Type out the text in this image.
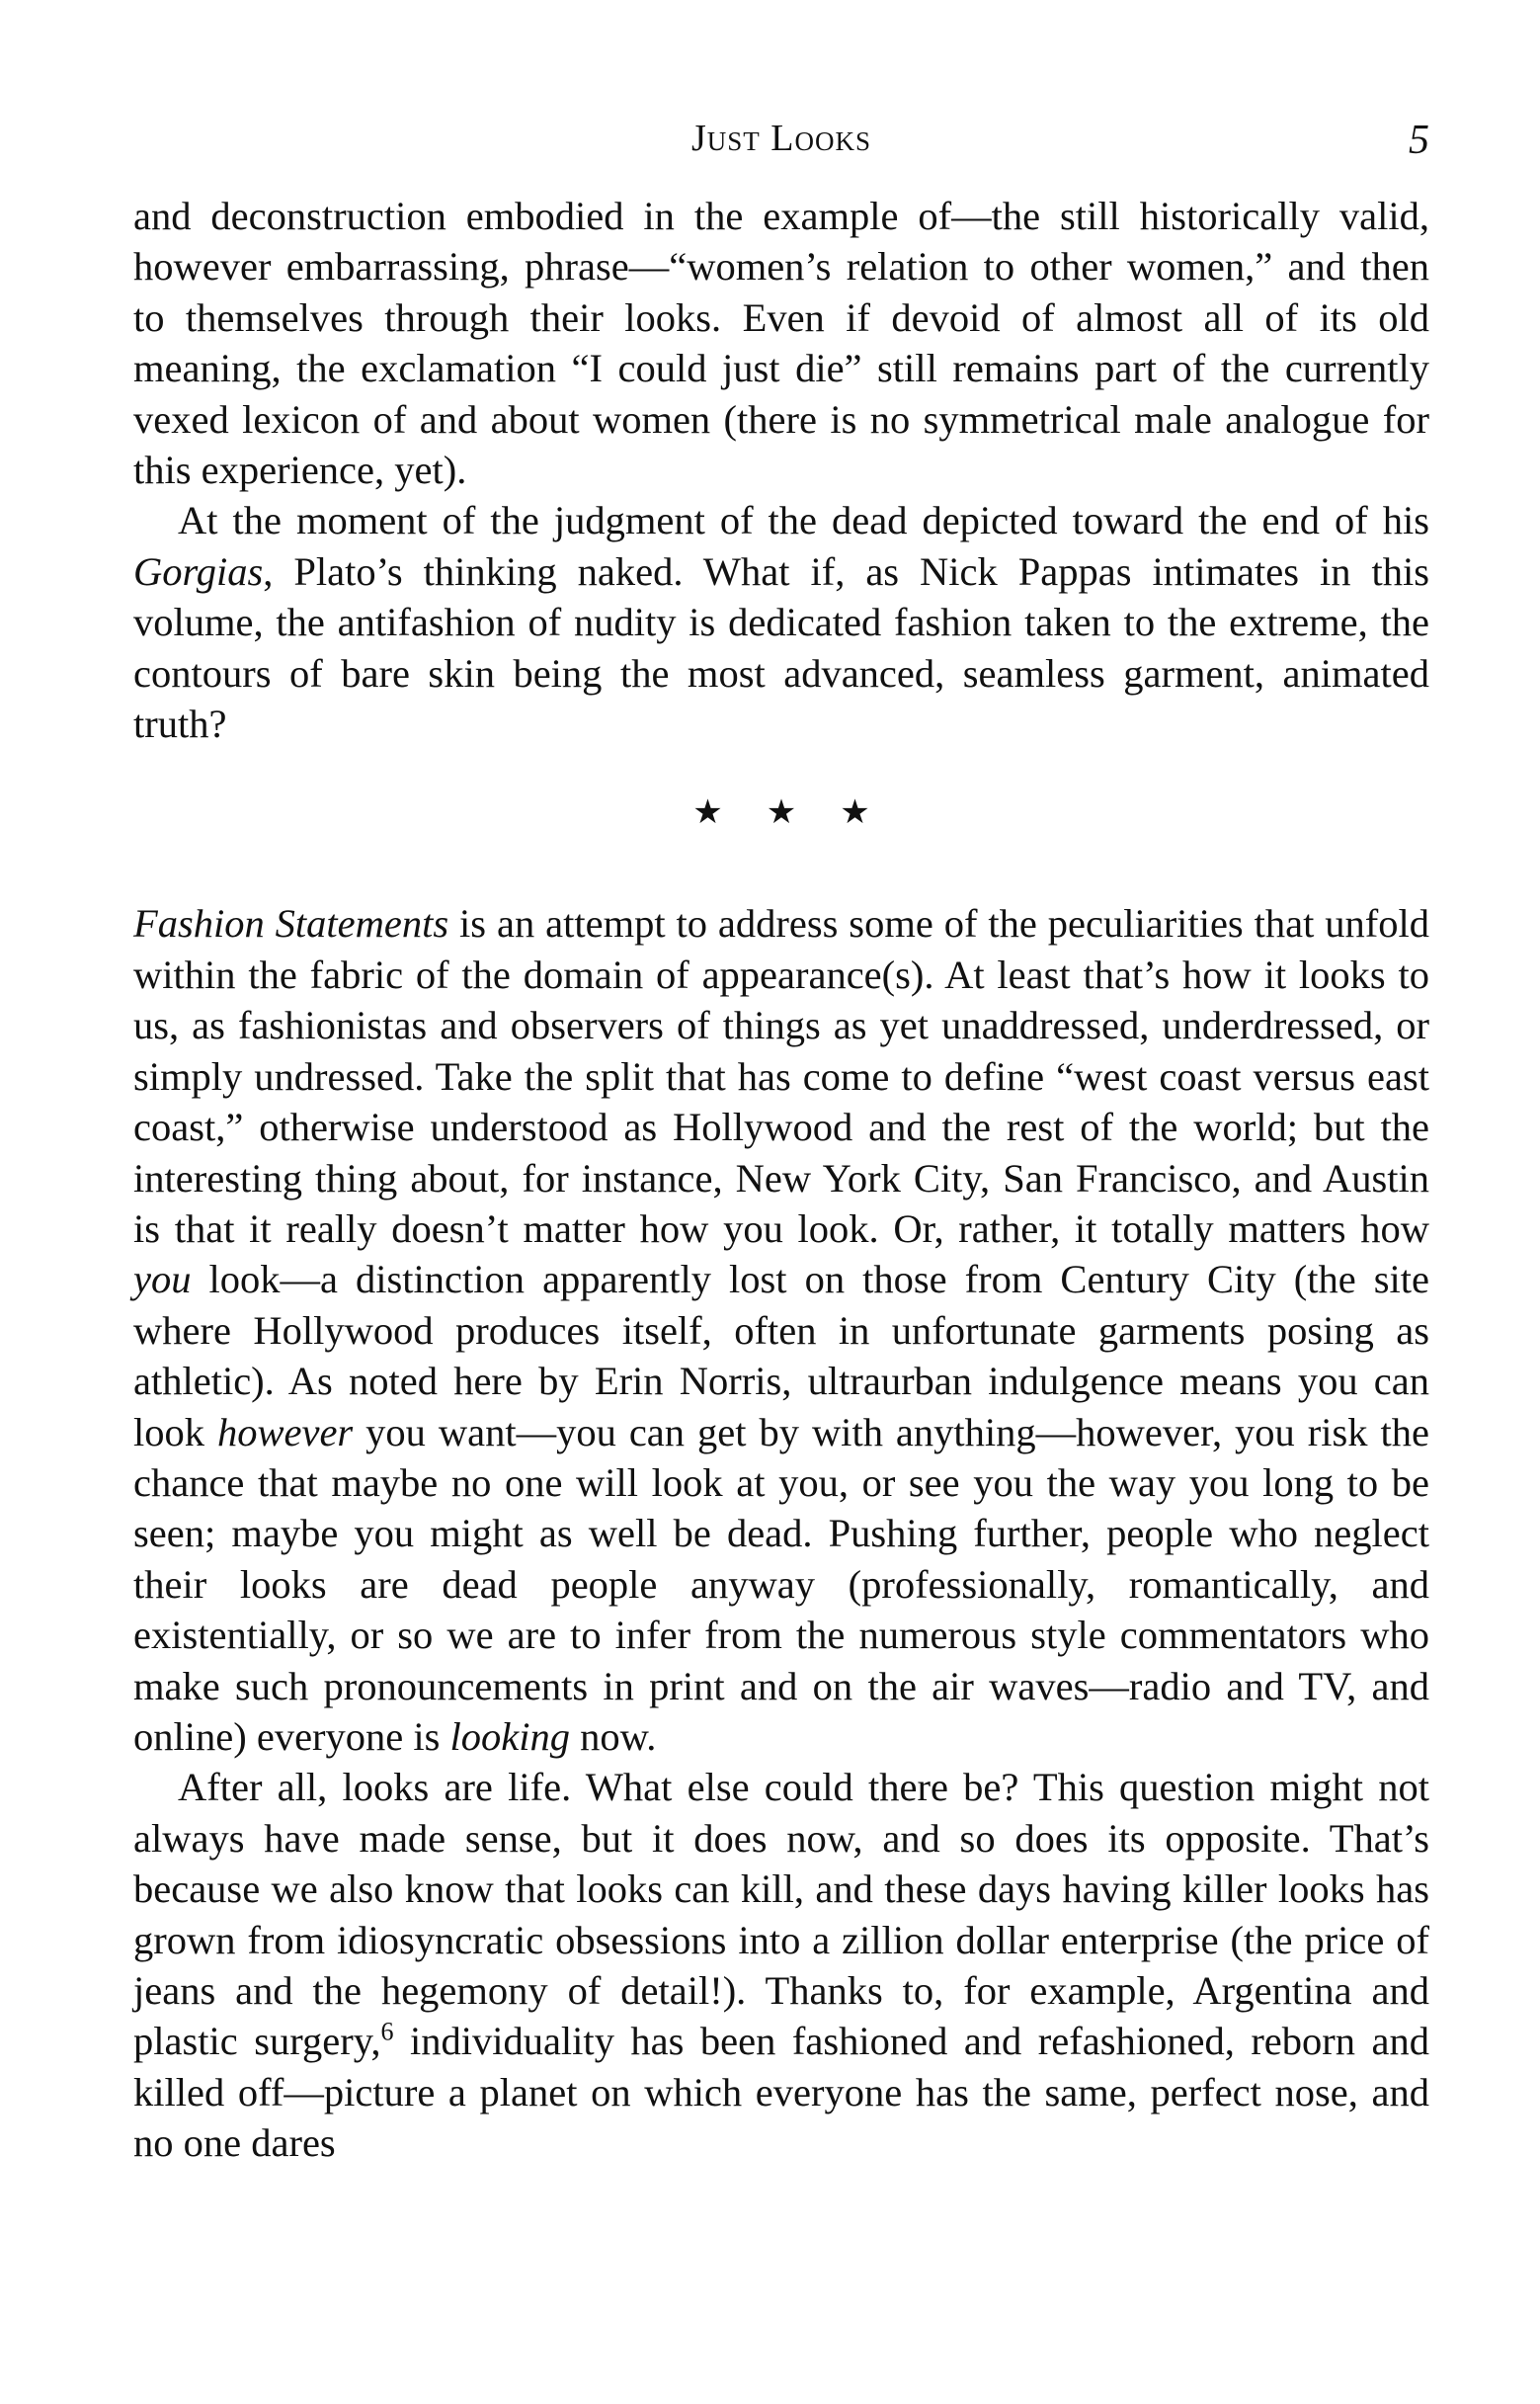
Just Looks	5

and deconstruction embodied in the example of—the still historically valid, however embarrassing, phrase—“women’s relation to other women,” and then to themselves through their looks. Even if devoid of almost all of its old meaning, the exclamation “I could just die” still remains part of the currently vexed lexicon of and about women (there is no symmetrical male analogue for this experience, yet).

At the moment of the judgment of the dead depicted toward the end of his Gorgias, Plato’s thinking naked. What if, as Nick Pappas intimates in this volume, the antifashion of nudity is dedicated fashion taken to the extreme, the contours of bare skin being the most advanced, seamless garment, animated truth?

★ ★ ★

Fashion Statements is an attempt to address some of the peculiarities that unfold within the fabric of the domain of appearance(s). At least that’s how it looks to us, as fashionistas and observers of things as yet unaddressed, underdressed, or simply undressed. Take the split that has come to define “west coast versus east coast,” otherwise understood as Hollywood and the rest of the world; but the interesting thing about, for instance, New York City, San Francisco, and Austin is that it really doesn’t matter how you look. Or, rather, it totally matters how you look—a distinction apparently lost on those from Century City (the site where Hollywood produces itself, often in unfortunate garments posing as athletic). As noted here by Erin Norris, ultraurban indulgence means you can look however you want—you can get by with anything—however, you risk the chance that maybe no one will look at you, or see you the way you long to be seen; maybe you might as well be dead. Pushing further, people who neglect their looks are dead people anyway (professionally, romantically, and existentially, or so we are to infer from the numerous style commentators who make such pronouncements in print and on the air waves—radio and TV, and online) everyone is looking now.

After all, looks are life. What else could there be? This question might not always have made sense, but it does now, and so does its opposite. That’s because we also know that looks can kill, and these days having killer looks has grown from idiosyncratic obsessions into a zillion dollar enterprise (the price of jeans and the hegemony of detail!). Thanks to, for example, Argentina and plastic surgery,$^6$ individuality has been fashioned and refashioned, reborn and killed off—picture a planet on which everyone has the same, perfect nose, and no one dares
